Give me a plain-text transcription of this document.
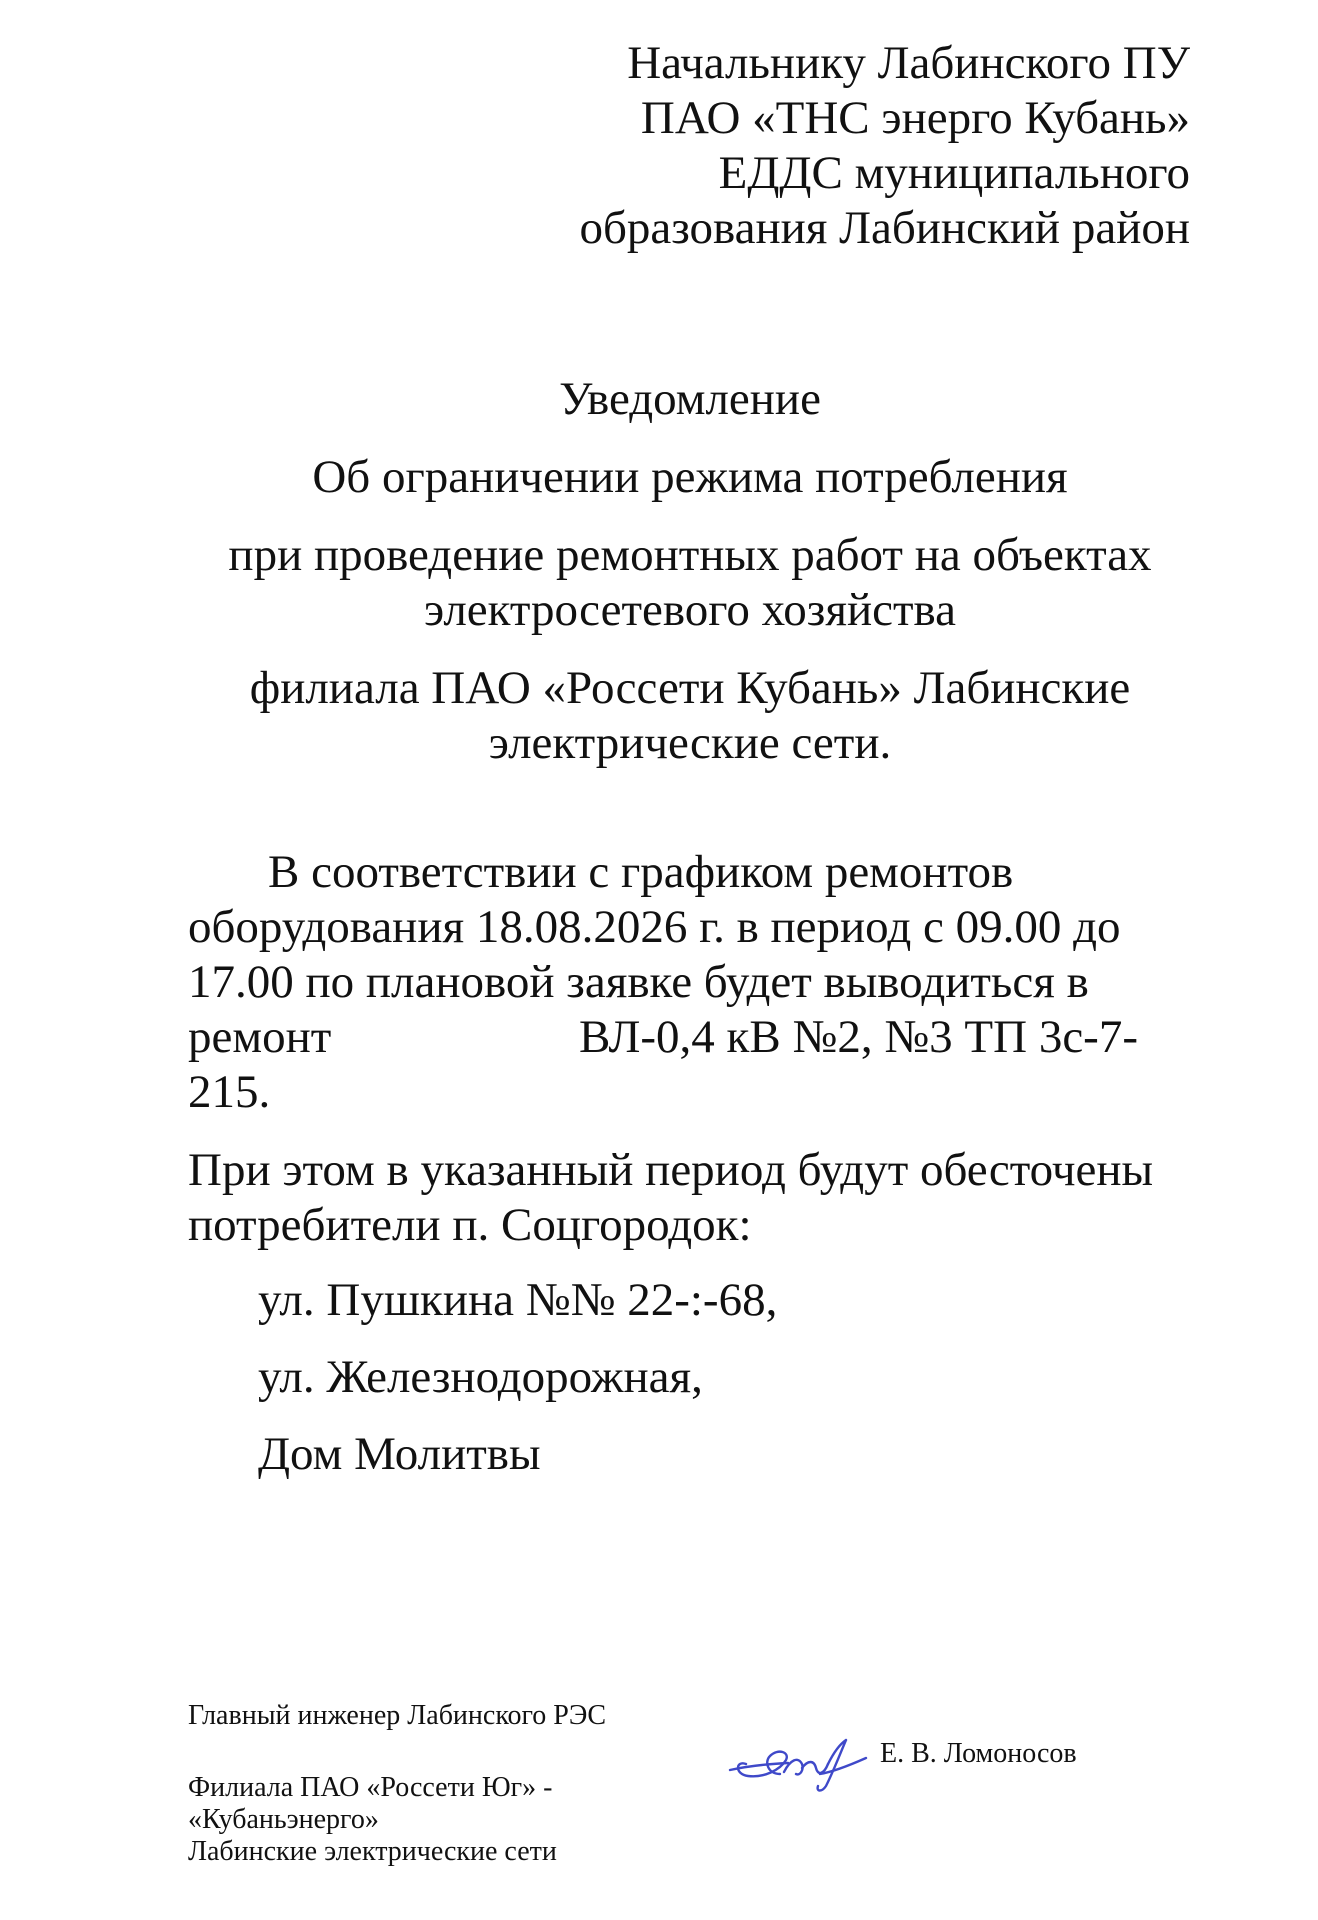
Начальнику Лабинского ПУ
ПАО «ТНС энерго Кубань»
ЕДДС муниципального
образования Лабинский район
Уведомление
Об ограничении режима потребления
при проведение ремонтных работ на объектах
электросетевого хозяйства
филиала ПАО «Россети Кубань» Лабинские
электрические сети.
В соответствии с графиком ремонтов
оборудования 18.08.2026 г. в период с 09.00 до
17.00 по плановой заявке будет выводиться в
ремонт	ВЛ-0,4 кВ №2, №3 ТП 3с-7-
215.
При этом в указанный период будут обесточены
потребители п. Соцгородок:
ул. Пушкина №№ 22-:-68,
ул. Железнодорожная,
Дом Молитвы
Главный инженер Лабинского РЭС
Филиала ПАО «Россети Юг» -
«Кубаньэнерго»
Лабинские электрические сети
Е. В. Ломоносов
